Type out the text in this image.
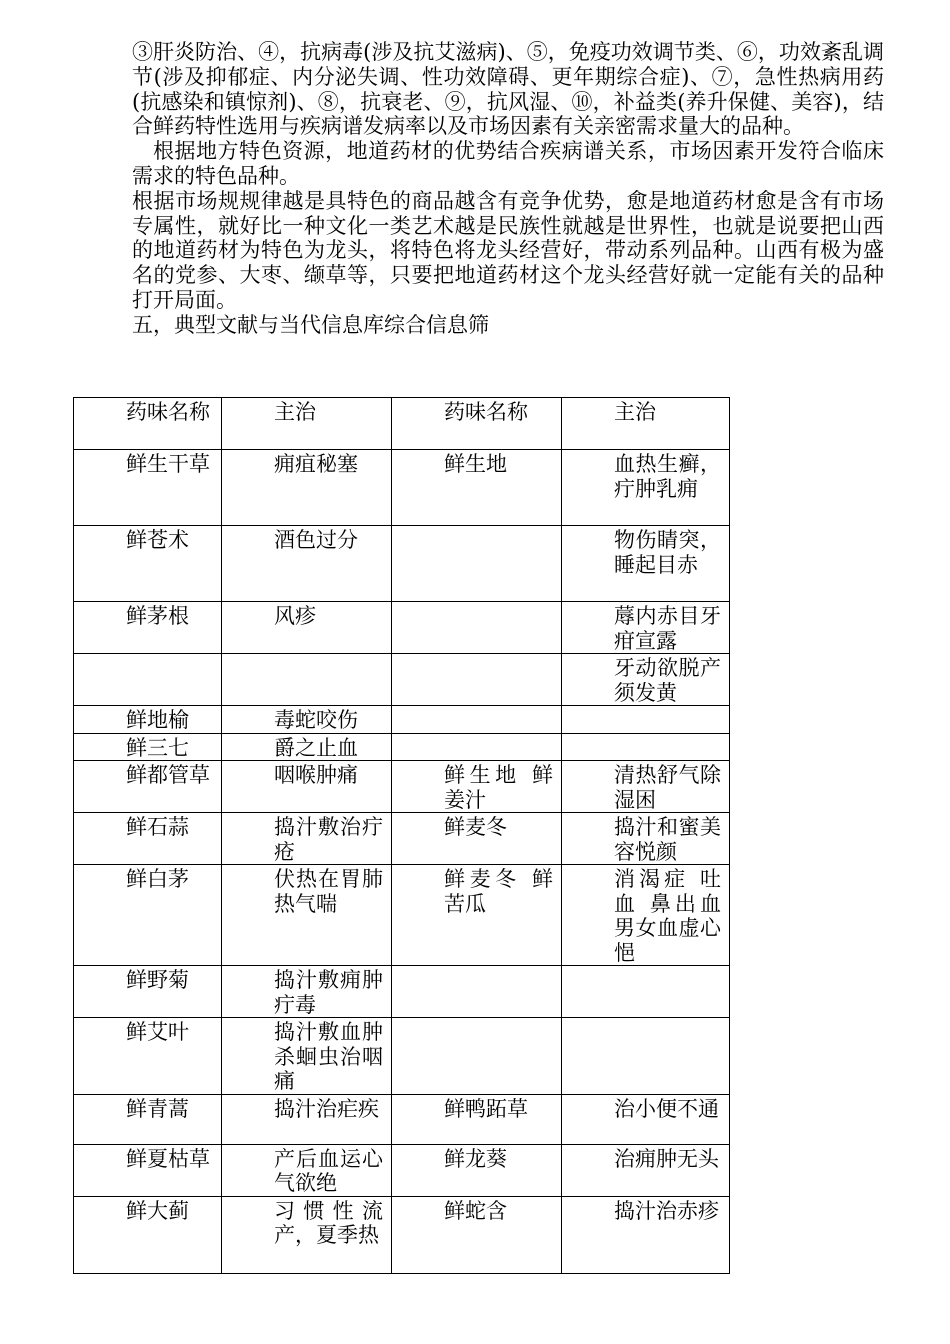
③肝炎防治、④，抗病毒(涉及抗艾滋病)、⑤，免疫功效调节类、⑥，功效紊乱调节(涉及抑郁症、内分泌失调、性功效障碍、更年期综合症)、⑦，急性热病用药(抗感染和镇惊剂)、⑧，抗衰老、⑨，抗风湿、⑩，补益类(养升保健、美容)，结合鲜药特性选用与疾病谱发病率以及市场因素有关亲密需求量大的品种。

根据地方特色资源，地道药材的优势结合疾病谱关系，市场因素开发符合临床需求的特色品种。

根据市场规规律越是具特色的商品越含有竞争优势，愈是地道药材愈是含有市场专属性，就好比一种文化一类艺术越是民族性就越是世界性，也就是说要把山西的地道药材为特色为龙头，将特色将龙头经营好，带动系列品种。山西有极为盛名的党参、大枣、缬草等，只要把地道药材这个龙头经营好就一定能有关的品种打开局面。

五，典型文献与当代信息库综合信息筛

药味名称	主治	药味名称	主治
鲜生干草	痈疽秘塞	鲜生地	血热生癣，疔肿乳痈
鲜苍术	酒色过分		物伤睛突，睡起目赤
鲜茅根	风疹		蓐内赤目牙疳宣露
			牙动欲脱产须发黄
鲜地榆	毒蛇咬伤		
鲜三七	爵之止血		
鲜都管草	咽喉肿痛	鲜生地 鲜姜汁	清热舒气除湿困
鲜石蒜	捣汁敷治疔疮	鲜麦冬	捣汁和蜜美容悦颜
鲜白茅	伏热在胃肺热气喘	鲜麦冬 鲜苦瓜	消渴症 吐血 鼻出血男女血虚心悒
鲜野菊	捣汁敷痈肿疔毒		
鲜艾叶	捣汁敷血肿 杀蛔虫治咽痛		
鲜青蒿	捣汁治疟疾	鲜鸭跖草	治小便不通
鲜夏枯草	产后血运心气欲绝	鲜龙葵	治痈肿无头
鲜大蓟	习惯性流产，夏季热	鲜蛇含	捣汁治赤疹
